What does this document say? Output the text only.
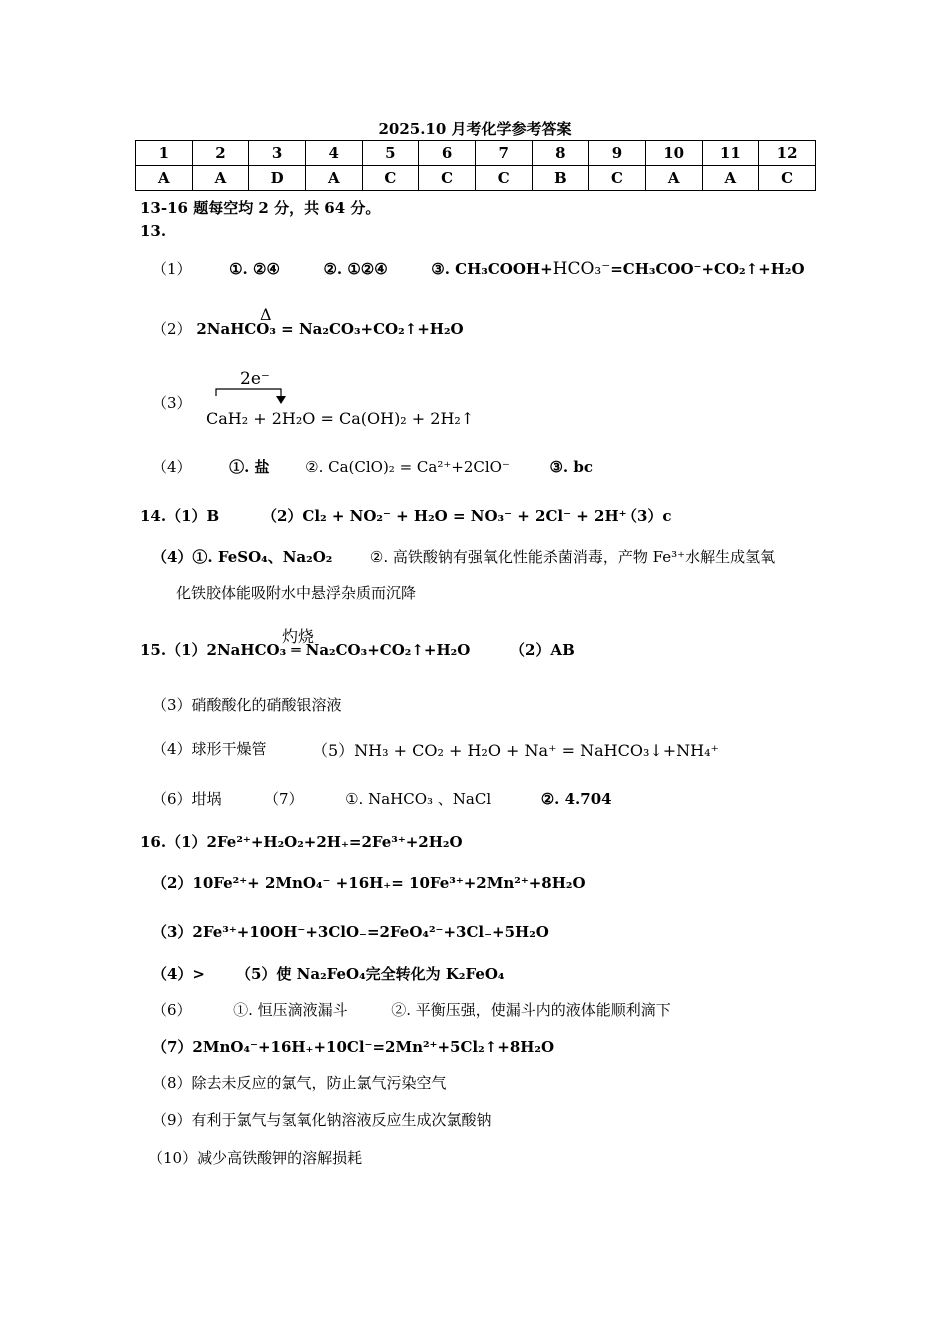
2025.10 月考化学参考答案
1	2	3	4	5	6	7	8	9	10	11	12
A	A	D	A	C	C	C	B	C	A	A	C
13-16 题每空均 2 分，共 64 分。
13.
（1）	①. ②④	②. ①②④	③. CH₃COOH+HCO₃⁻=CH₃COO⁻+CO₂↑+H₂O
Δ
（2） 2NaHCO₃ = Na₂CO₃+CO₂↑+H₂O
（3）
2e⁻
CaH₂ + 2H₂O = Ca(OH)₂ + 2H₂↑
（4）	①. 盐 ②. Ca(ClO)₂ = Ca²⁺+2ClO⁻	③. bc
14.（1）B	（2）Cl₂ + NO₂⁻ + H₂O = NO₃⁻ + 2Cl⁻ + 2H⁺
（3）c
（4）①. FeSO₄、Na₂O₂	②. 高铁酸钠有强氧化性能杀菌消毒，产物 Fe³⁺水解生成氢氧
化铁胶体能吸附水中悬浮杂质而沉降
灼烧
15.（1）2NaHCO₃ ═ Na₂CO₃+CO₂↑+H₂O	（2）AB
（3）硝酸酸化的硝酸银溶液
（4）球形干燥管	（5）NH₃ + CO₂ + H₂O + Na⁺ = NaHCO₃↓+NH₄⁺
（6）坩埚	（7）	①. NaHCO₃ 、NaCl	②. 4.704
16.（1）2Fe²⁺+H₂O₂+2H₊=2Fe³⁺+2H₂O
（2）10Fe²⁺+ 2MnO₄⁻ +16H₊= 10Fe³⁺+2Mn²⁺+8H₂O
（3）2Fe³⁺+10OH⁻+3ClO₋=2FeO₄²⁻+3Cl₋+5H₂O
（4）> （5）使 Na₂FeO₄完全转化为 K₂FeO₄
（6）	①. 恒压滴液漏斗	②. 平衡压强，使漏斗内的液体能顺利滴下
（7）2MnO₄⁻+16H₊+10Cl⁻=2Mn²⁺+5Cl₂↑+8H₂O
（8）除去未反应的氯气，防止氯气污染空气
（9）有利于氯气与氢氧化钠溶液反应生成次氯酸钠
（10）减少高铁酸钾的溶解损耗
